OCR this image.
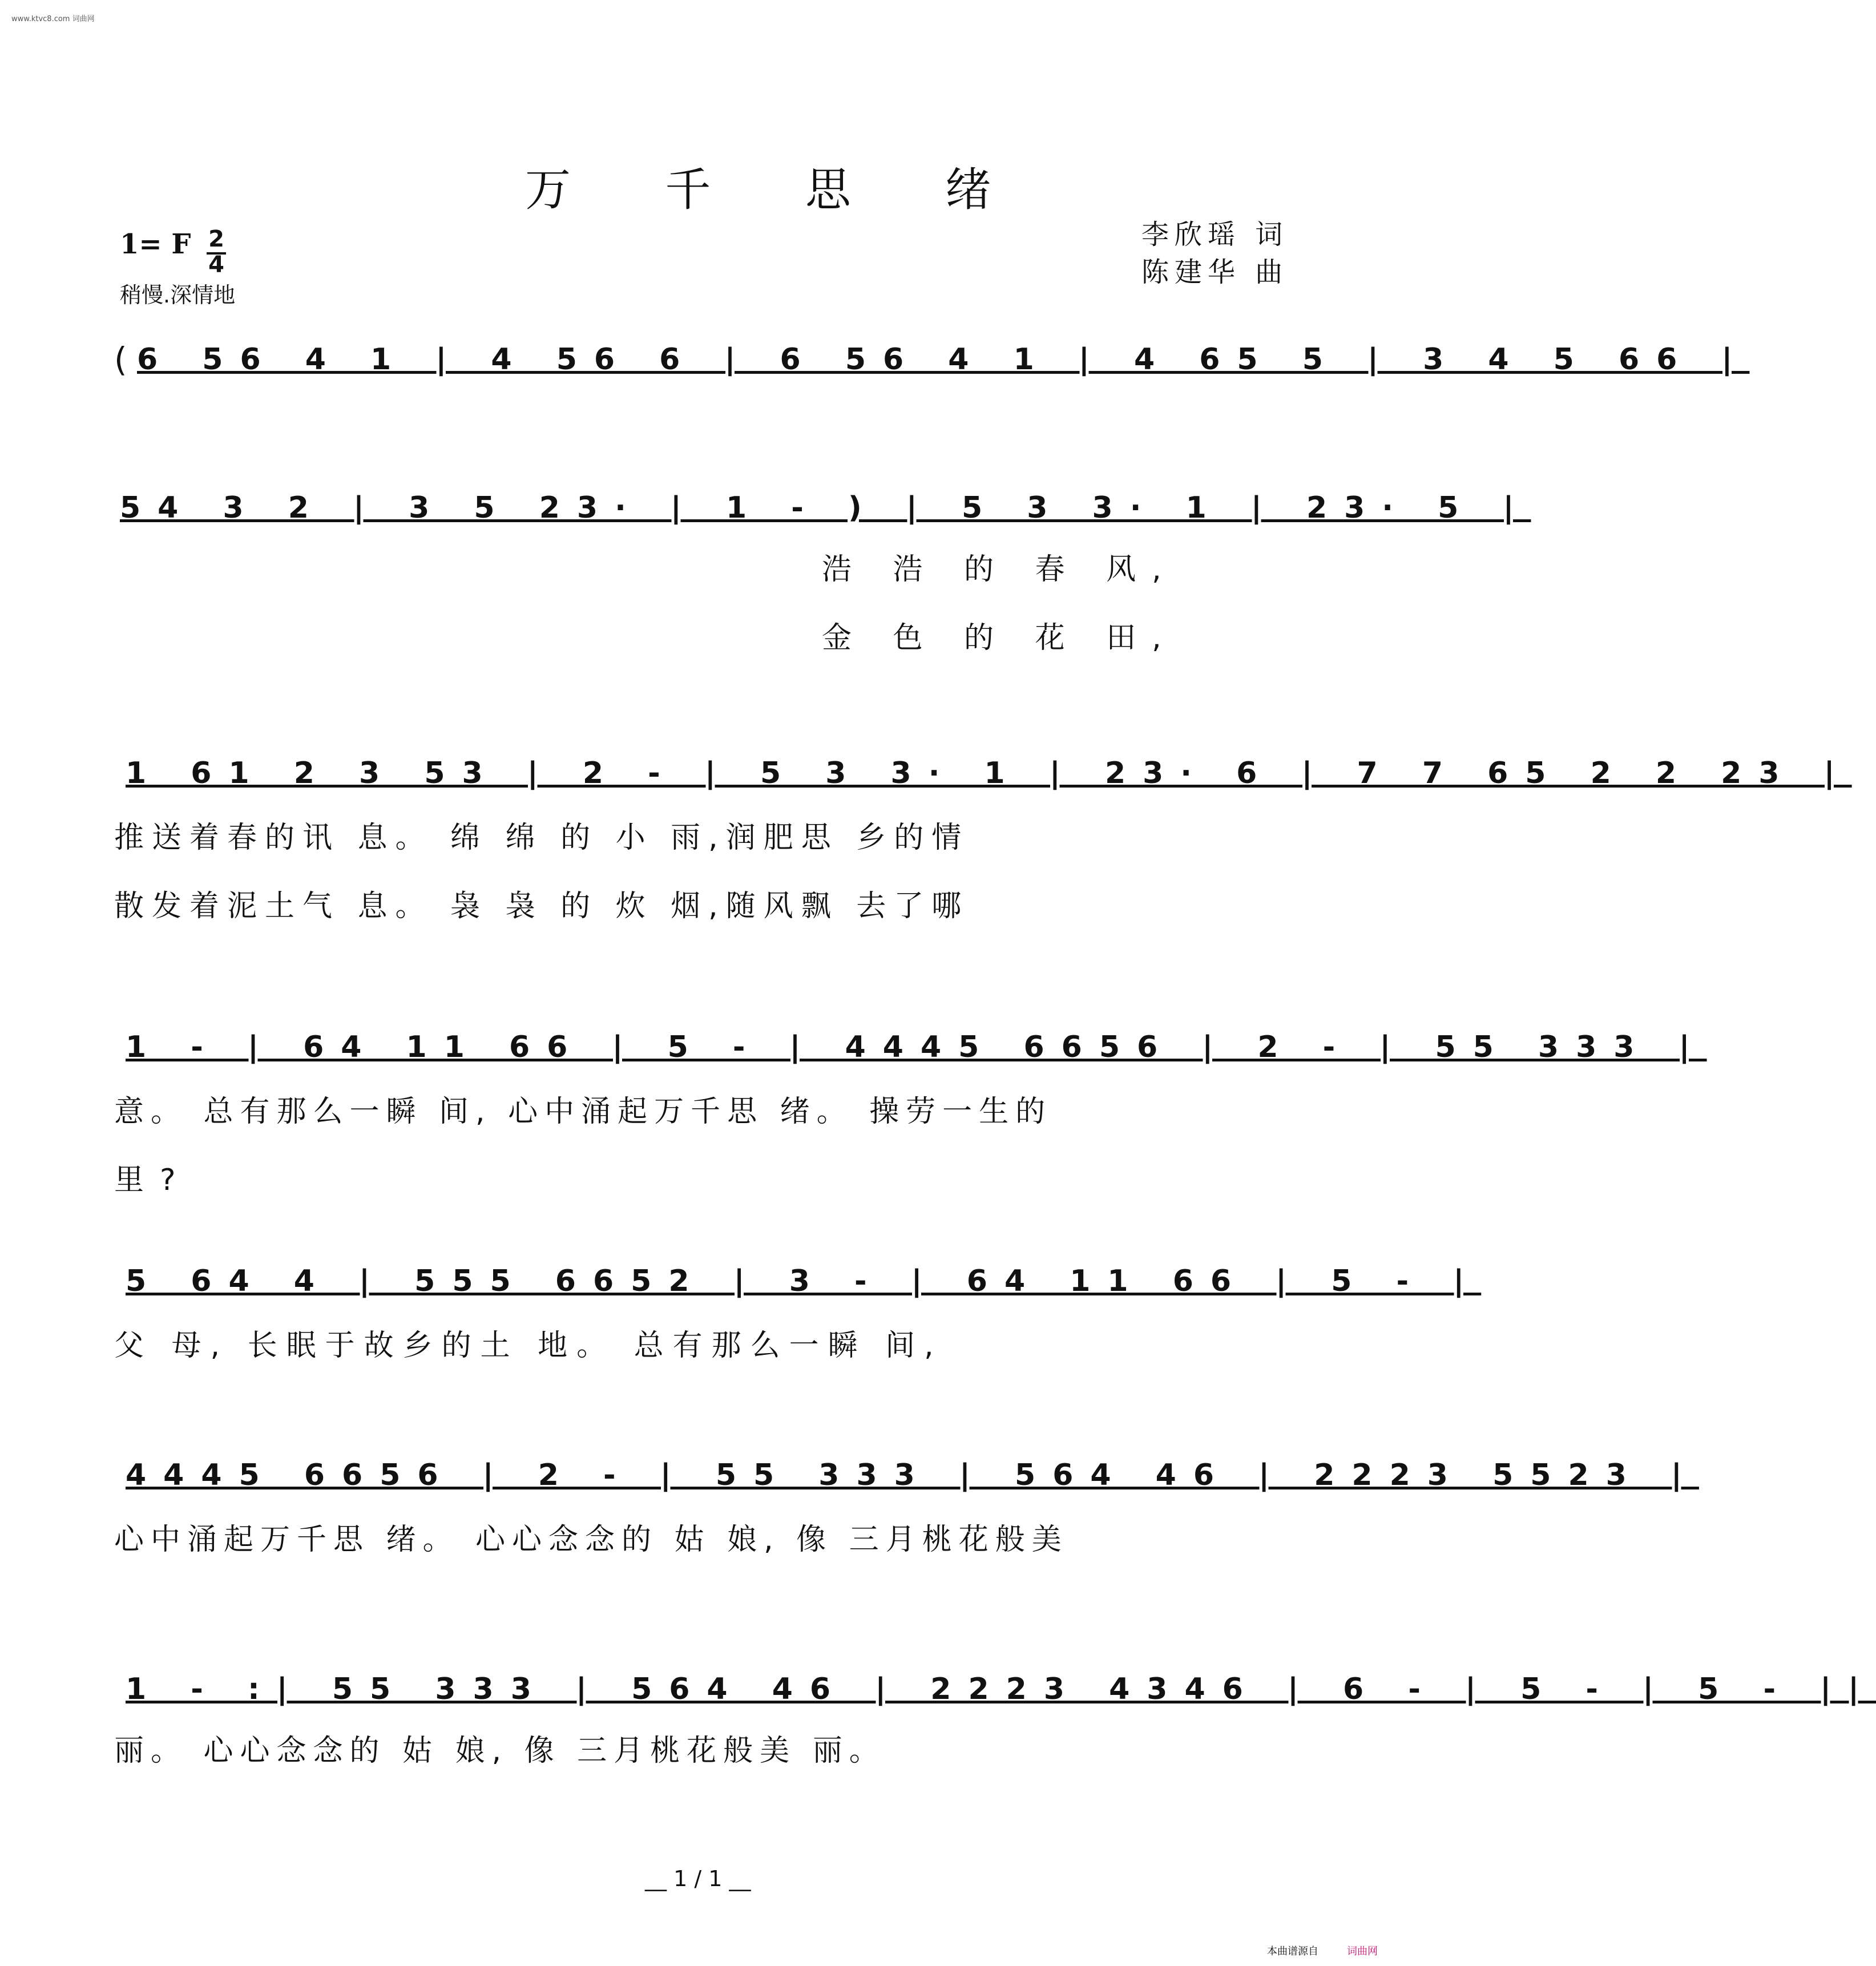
www.ktvc8.com 词曲网
万 千 思 绪
李欣瑶 词
陈建华 曲
1= F $\frac{2}{4}$
稍慢.深情地
( 6 56 4 1 | 4 56 6 | 6 56 4 1 | 4 65 5 | 3 4 5 66 |
54 3 2 | 3 5 23· | 1 - ) | 5 3 3· 1 | 23· 5 |
浩 浩 的 春 风,
金 色 的 花 田,
1 61 2 3 53 | 2 - | 5 3 3· 1 | 23· 6 | 7 7 65 2 2 23 |
推送着春的讯 息。 绵 绵 的 小 雨,润肥思 乡的情
散发着泥土气 息。 袅 袅 的 炊 烟,随风飘 去了哪
1 - | 64 11 66 | 5 - | 4445 6656 | 2 - | 55 333 |
意。 总有那么一瞬 间, 心中涌起万千思 绪。 操劳一生的
里?
5 64 4 | 555 6652 | 3 - | 64 11 66 | 5 - |
父 母, 长眠于故乡的土 地。 总有那么一瞬 间,
4445 6656 | 2 - | 55 333 | 564 46 | 2223 5523 |
心中涌起万千思 绪。 心心念念的 姑 娘, 像 三月桃花般美
1 - :| 55 333 | 564 46 | 2223 4346 | 6 - | 5 - | 5 - ||
丽。 心心念念的 姑 娘, 像 三月桃花般美 丽。
__ 1 / 1 __
本曲谱源自	词曲网
